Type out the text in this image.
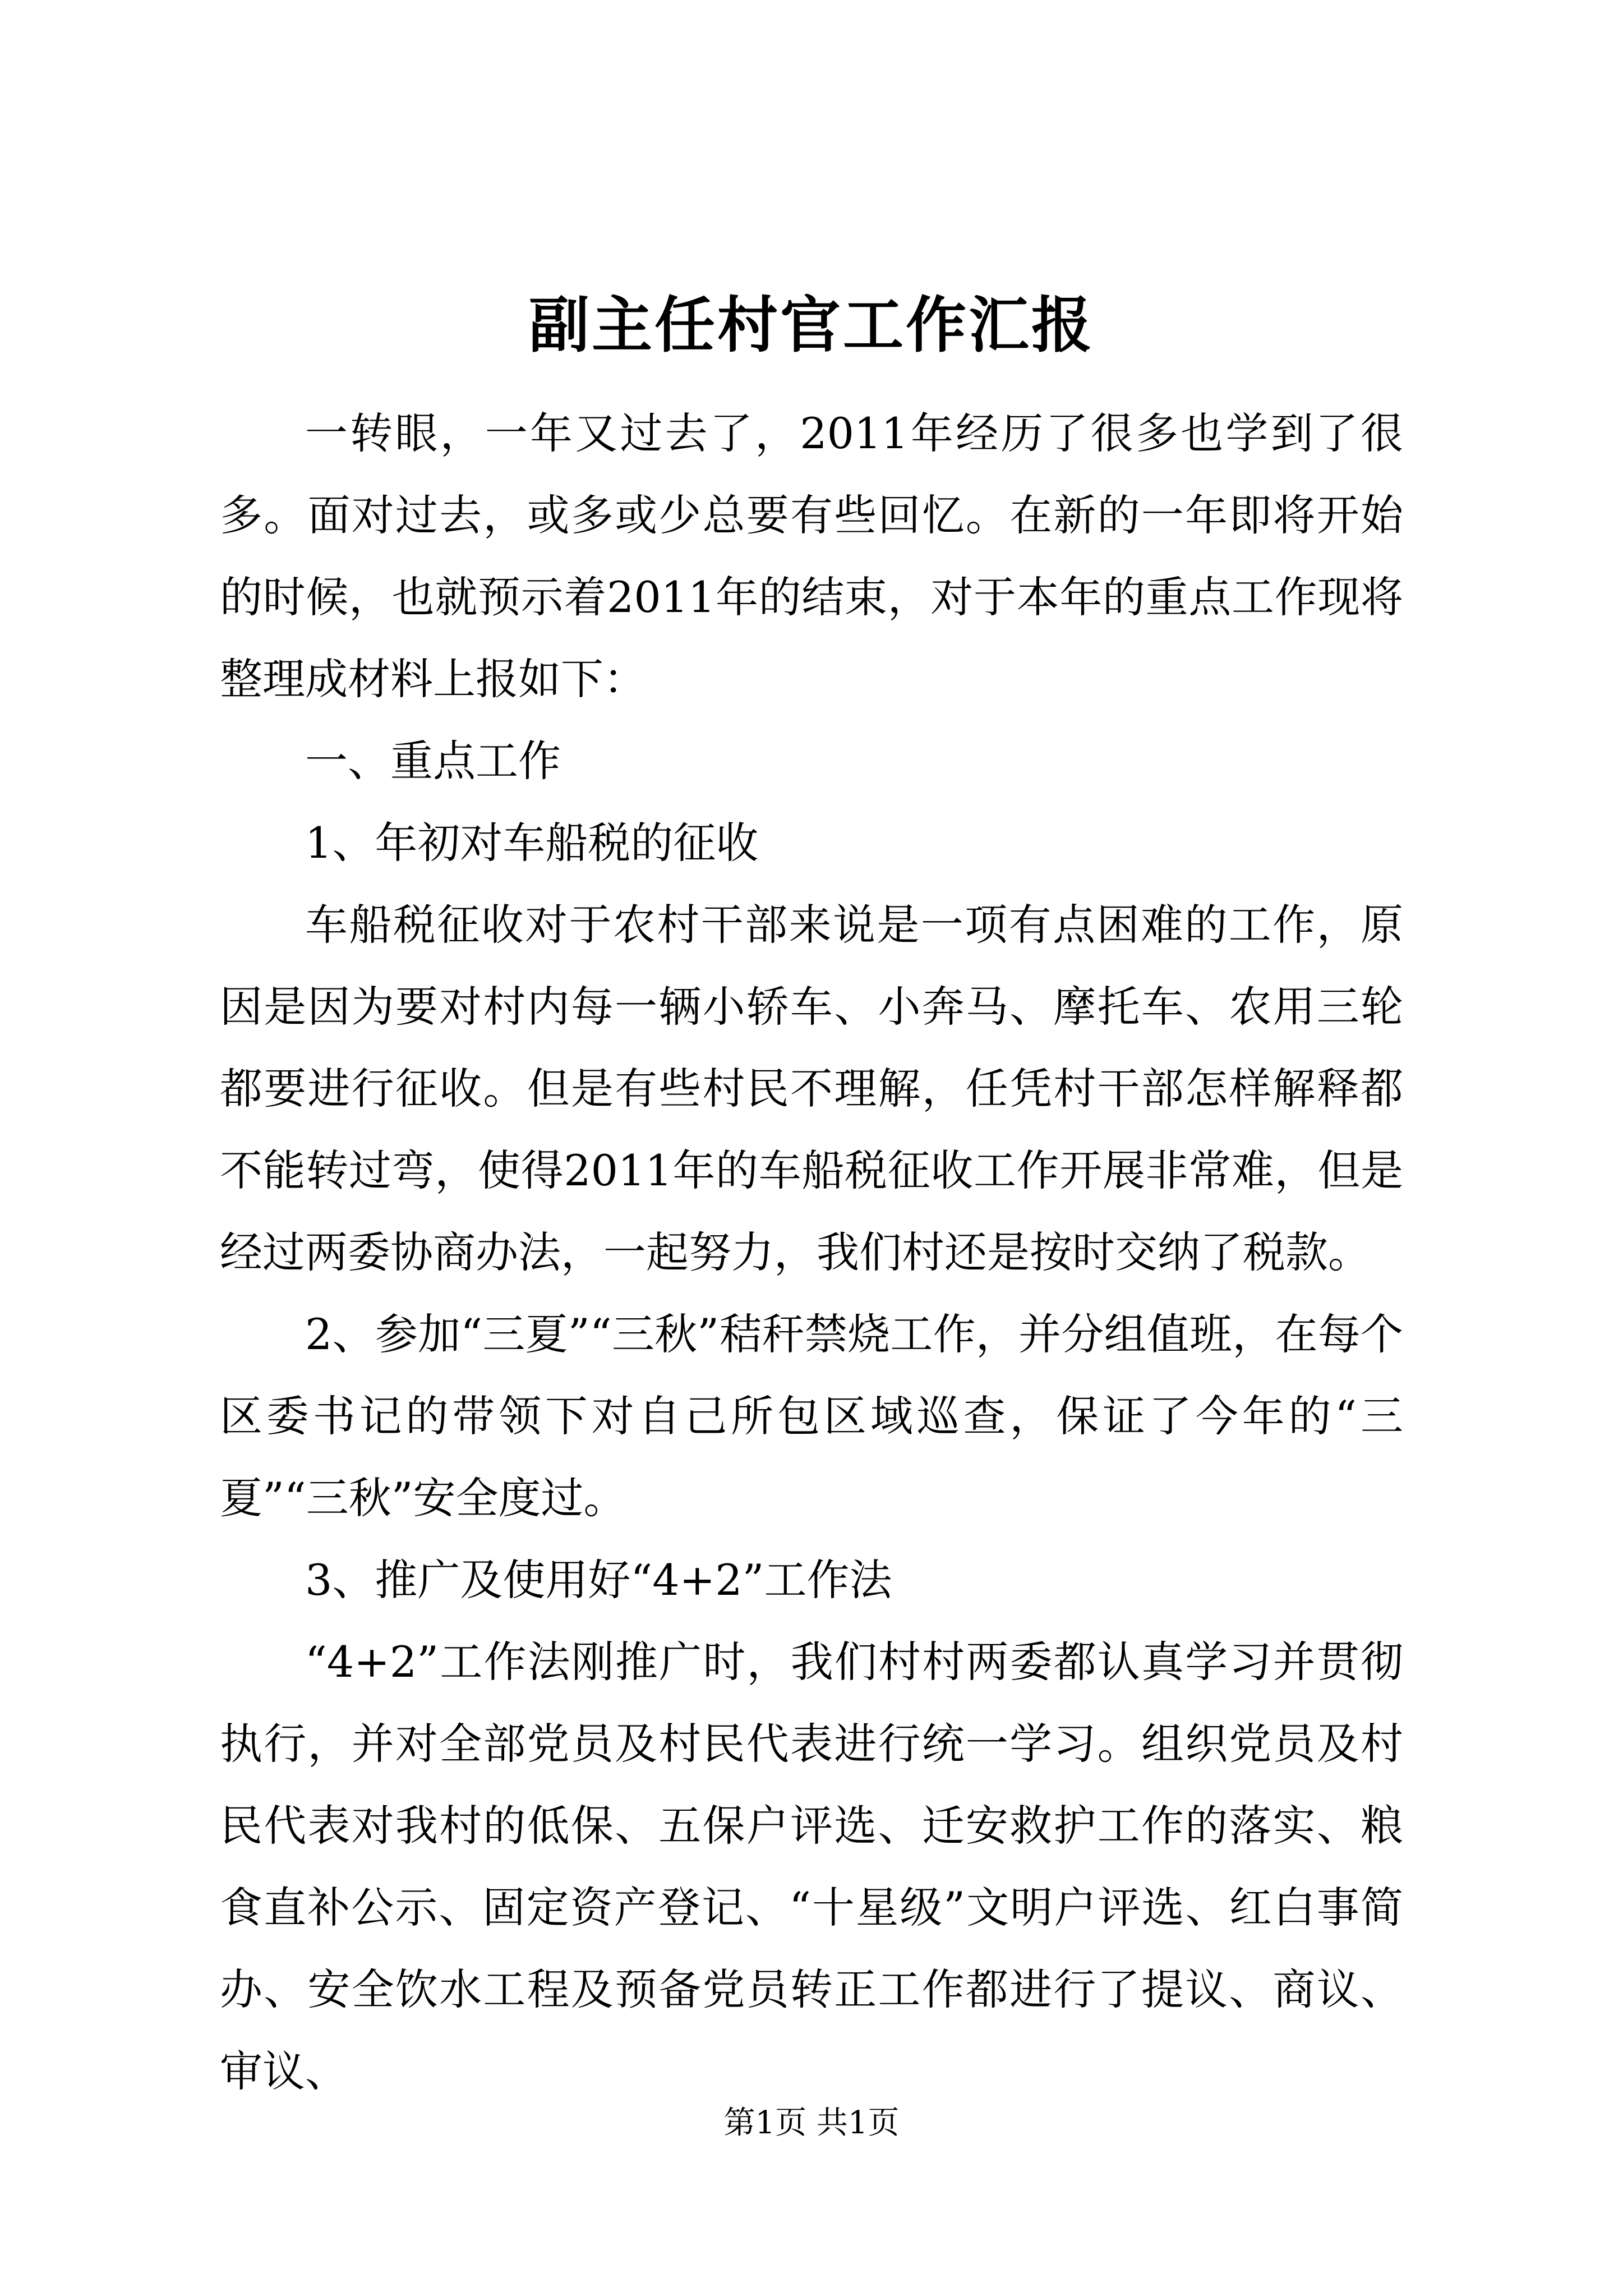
副主任村官工作汇报

一转眼，一年又过去了，2011年经历了很多也学到了很多。面对过去，或多或少总要有些回忆。在新的一年即将开始的时候，也就预示着2011年的结束，对于本年的重点工作现将整理成材料上报如下：

一、重点工作

1、年初对车船税的征收

车船税征收对于农村干部来说是一项有点困难的工作，原因是因为要对村内每一辆小轿车、小奔马、摩托车、农用三轮都要进行征收。但是有些村民不理解，任凭村干部怎样解释都不能转过弯，使得2011年的车船税征收工作开展非常难，但是经过两委协商办法，一起努力，我们村还是按时交纳了税款。

2、参加“三夏”“三秋”秸秆禁烧工作，并分组值班，在每个区委书记的带领下对自己所包区域巡查，保证了今年的“三夏”“三秋”安全度过。

3、推广及使用好“4+2”工作法

“4+2”工作法刚推广时，我们村村两委都认真学习并贯彻执行，并对全部党员及村民代表进行统一学习。组织党员及村民代表对我村的低保、五保户评选、迁安救护工作的落实、粮食直补公示、固定资产登记、“十星级”文明户评选、红白事简办、安全饮水工程及预备党员转正工作都进行了提议、商议、审议、

第1页 共1页
